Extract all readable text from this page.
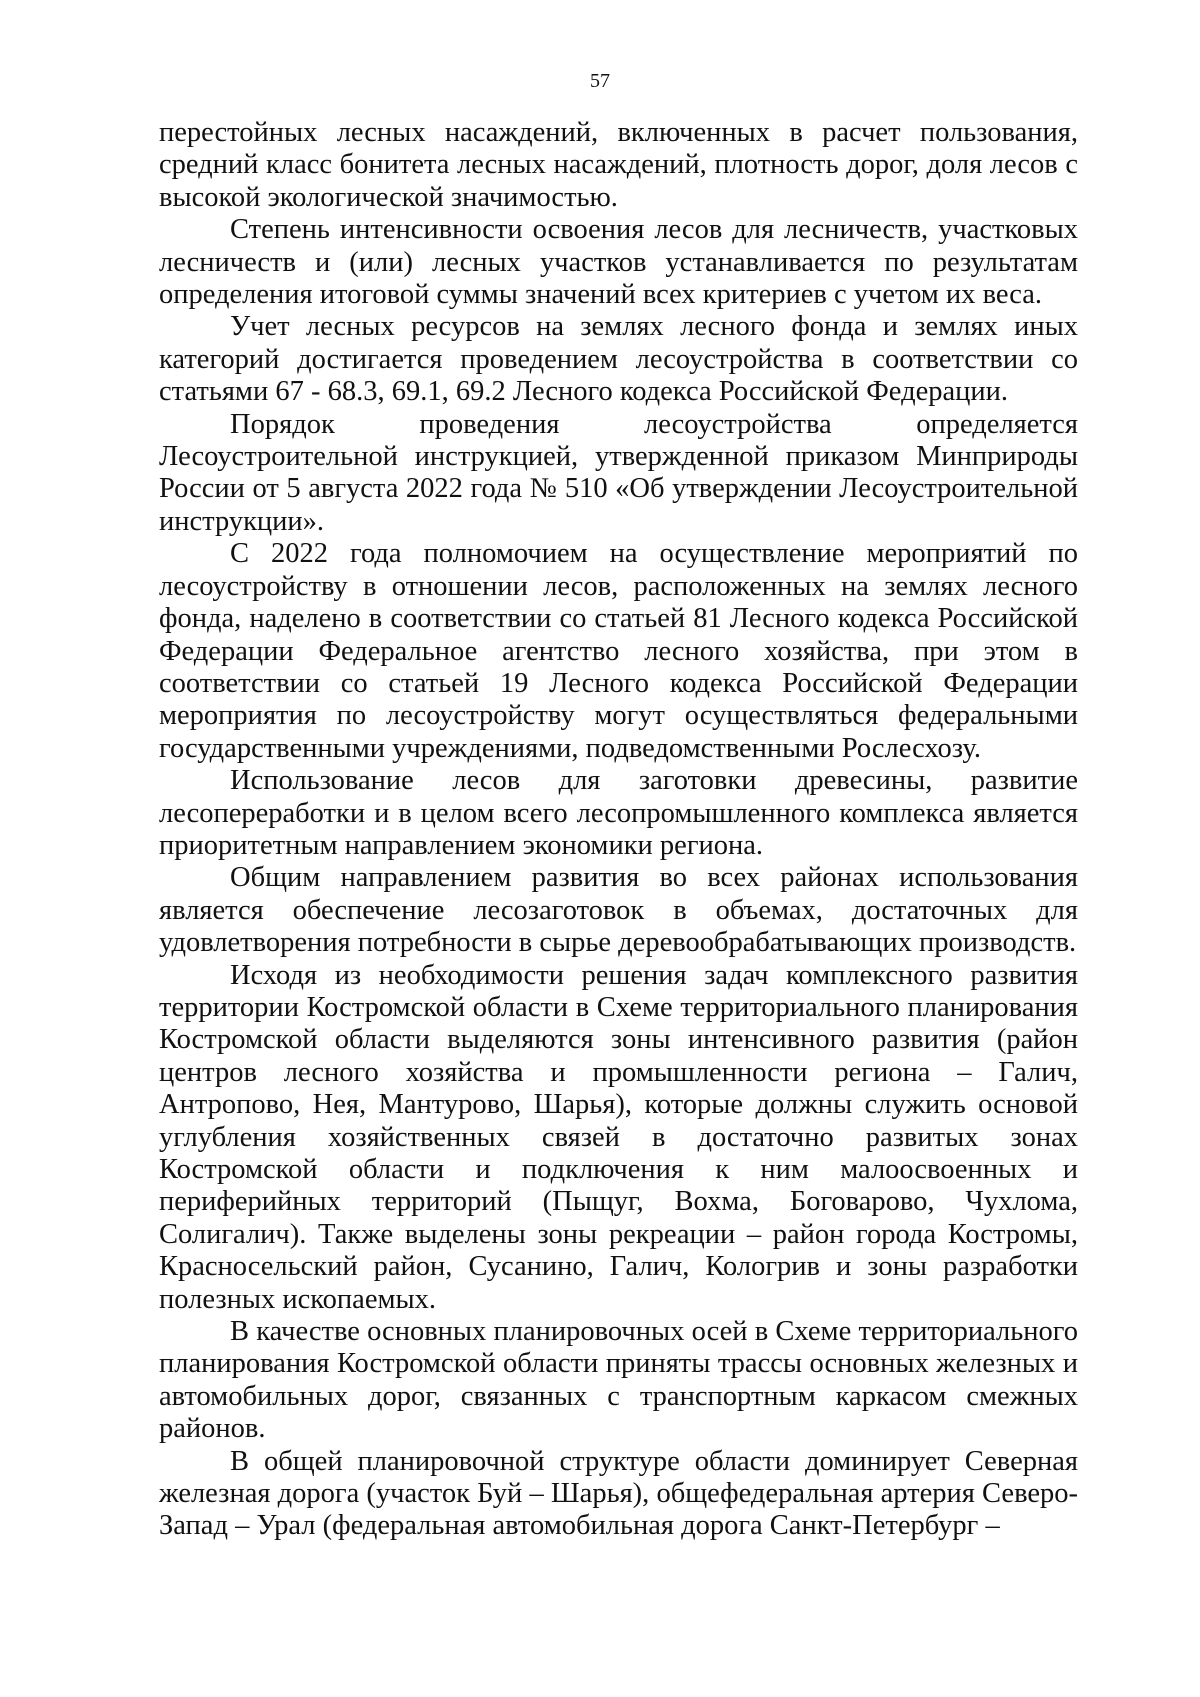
57

перестойных лесных насаждений, включенных в расчет пользования, средний класс бонитета лесных насаждений, плотность дорог, доля лесов с высокой экологической значимостью.

Степень интенсивности освоения лесов для лесничеств, участковых лесничеств и (или) лесных участков устанавливается по результатам определения итоговой суммы значений всех критериев с учетом их веса.

Учет лесных ресурсов на землях лесного фонда и землях иных категорий достигается проведением лесоустройства в соответствии со статьями 67 - 68.3, 69.1, 69.2 Лесного кодекса Российской Федерации.

Порядок проведения лесоустройства определяется Лесоустроительной инструкцией, утвержденной приказом Минприроды России от 5 августа 2022 года № 510 «Об утверждении Лесоустроительной инструкции».

С 2022 года полномочием на осуществление мероприятий по лесоустройству в отношении лесов, расположенных на землях лесного фонда, наделено в соответствии со статьей 81 Лесного кодекса Российской Федерации Федеральное агентство лесного хозяйства, при этом в соответствии со статьей 19 Лесного кодекса Российской Федерации мероприятия по лесоустройству могут осуществляться федеральными государственными учреждениями, подведомственными Рослесхозу.

Использование лесов для заготовки древесины, развитие лесопереработки и в целом всего лесопромышленного комплекса является приоритетным направлением экономики региона.

Общим направлением развития во всех районах использования является обеспечение лесозаготовок в объемах, достаточных для удовлетворения потребности в сырье деревообрабатывающих производств.

Исходя из необходимости решения задач комплексного развития территории Костромской области в Схеме территориального планирования Костромской области выделяются зоны интенсивного развития (район центров лесного хозяйства и промышленности региона – Галич, Антропово, Нея, Мантурово, Шарья), которые должны служить основой углубления хозяйственных связей в достаточно развитых зонах Костромской области и подключения к ним малоосвоенных и периферийных территорий (Пыщуг, Вохма, Боговарово, Чухлома, Солигалич). Также выделены зоны рекреации – район города Костромы, Красносельский район, Сусанино, Галич, Кологрив и зоны разработки полезных ископаемых.

В качестве основных планировочных осей в Схеме территориального планирования Костромской области приняты трассы основных железных и автомобильных дорог, связанных с транспортным каркасом смежных районов.

В общей планировочной структуре области доминирует Северная железная дорога (участок Буй – Шарья), общефедеральная артерия Северо-Запад – Урал (федеральная автомобильная дорога Санкт-Петербург –
